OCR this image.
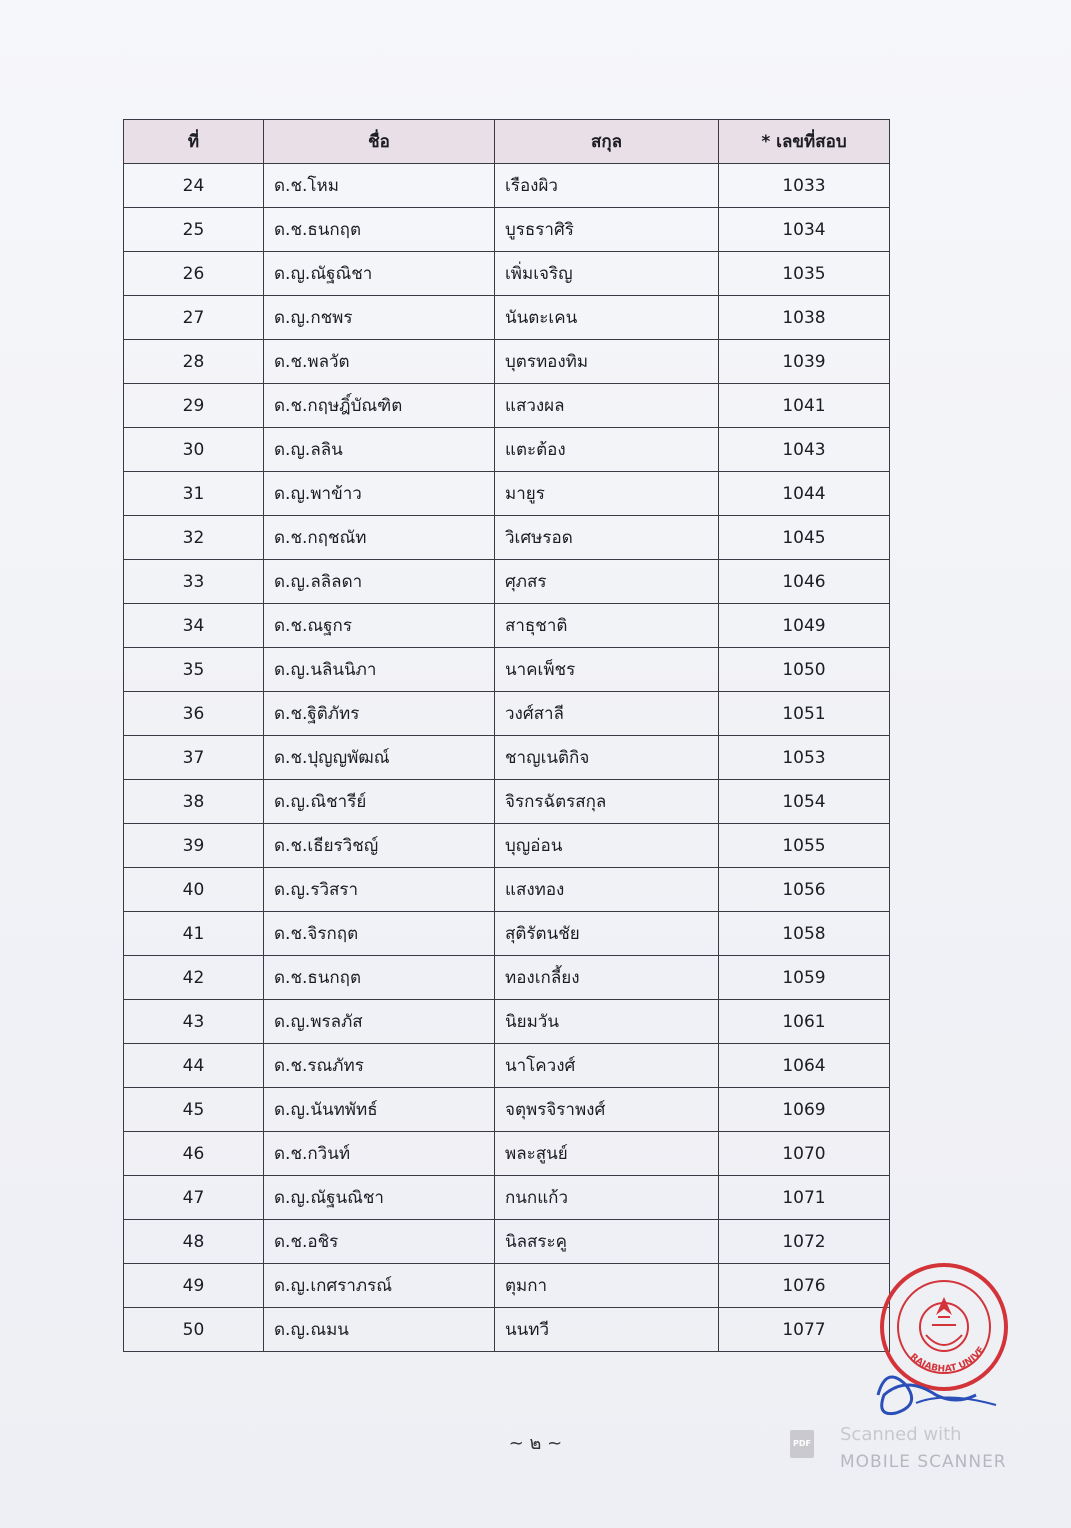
ที่	ชื่อ	สกุล	* เลขที่สอบ
24	ด.ช.โหม	เรืองผิว	1033
25	ด.ช.ธนกฤต	บูรธราศิริ	1034
26	ด.ญ.ณัฐณิชา	เพิ่มเจริญ	1035
27	ด.ญ.กชพร	นันตะเคน	1038
28	ด.ช.พลวัต	บุตรทองทิม	1039
29	ด.ช.กฤษฎิ์บัณฑิต	แสวงผล	1041
30	ด.ญ.ลลิน	แตะต้อง	1043
31	ด.ญ.พาข้าว	มายูร	1044
32	ด.ช.กฤชณัท	วิเศษรอด	1045
33	ด.ญ.ลลิลดา	ศุภสร	1046
34	ด.ช.ณฐกร	สาธุชาติ	1049
35	ด.ญ.นลินนิภา	นาคเพ็ชร	1050
36	ด.ช.ฐิติภัทร	วงศ์สาลี	1051
37	ด.ช.ปุญญพัฒณ์	ชาญเนติกิจ	1053
38	ด.ญ.ณิชารีย์	จิรกรฉัตรสกุล	1054
39	ด.ช.เธียรวิชญ์	บุญอ่อน	1055
40	ด.ญ.รวิสรา	แสงทอง	1056
41	ด.ช.จิรกฤต	สุติรัตนชัย	1058
42	ด.ช.ธนกฤต	ทองเกลี้ยง	1059
43	ด.ญ.พรลภัส	นิยมวัน	1061
44	ด.ช.รณภัทร	นาโควงศ์	1064
45	ด.ญ.นันทพัทธ์	จตุพรจิราพงศ์	1069
46	ด.ช.กวินท์	พละสูนย์	1070
47	ด.ญ.ณัฐนณิชา	กนกแก้ว	1071
48	ด.ช.อชิร	นิลสระคู	1072
49	ด.ญ.เกศราภรณ์	ตุมกา	1076
50	ด.ญ.ณมน	นนทวี	1077
~ ๒ ~
RAJABHAT UNIVE
PDF Scanned with
MOBILE SCANNER
